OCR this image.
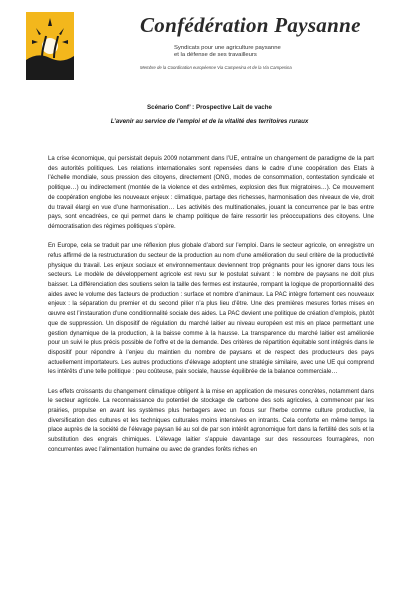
Confédération Paysanne
Syndicats pour une agriculture paysanne
et la défense de ses travailleurs
Membre de la Coordination européenne Via Campesina et de la Via Campesina
Scénario Conf’ : Prospective Lait de vache
L’avenir au service de l’emploi et de la vitalité des territoires ruraux

La crise économique, qui persistait depuis 2009 notamment dans l’UE, entraîne un changement de paradigme de la part des autorités politiques. Les relations internationales sont repensées dans le cadre d’une coopération des Etats à l’échelle mondiale, sous pression des citoyens, directement (ONG, modes de consommation, contestation syndicale et politique…) ou indirectement (montée de la violence et des extrêmes, explosion des flux migratoires…). Ce mouvement de coopération englobe les nouveaux enjeux : climatique, partage des richesses, harmonisation des niveaux de vie, droit du travail élargi en vue d’une harmonisation… Les activités des multinationales, jouant la concurrence par le bas entre pays, sont encadrées, ce qui permet dans le champ politique de faire ressortir les préoccupations des citoyens. Une démocratisation des régimes politiques s’opère.

En Europe, cela se traduit par une réflexion plus globale d’abord sur l’emploi. Dans le secteur agricole, on enregistre un refus affirmé de la restructuration du secteur de la production au nom d’une amélioration du seul critère de la productivité physique du travail. Les enjeux sociaux et environnementaux deviennent trop prégnants pour les ignorer dans tous les secteurs. Le modèle de développement agricole est revu sur le postulat suivant : le nombre de paysans ne doit plus baisser. La différenciation des soutiens selon la taille des fermes est instaurée, rompant la logique de proportionnalité des aides avec le volume des facteurs de production : surface et nombre d’animaux. La PAC intègre fortement ces nouveaux enjeux : la séparation du premier et du second pilier n’a plus lieu d’être. Une des premières mesures fortes mises en œuvre est l’instauration d’une conditionnalité sociale des aides. La PAC devient une politique de création d’emplois, plutôt que de suppression. Un dispositif de régulation du marché laitier au niveau européen est mis en place permettant une gestion dynamique de la production, à la baisse comme à la hausse. La transparence du marché laitier est améliorée pour un suivi le plus précis possible de l’offre et de la demande. Des critères de répartition équitable sont intégrés dans le dispositif pour répondre à l’enjeu du maintien du nombre de paysans et de respect des producteurs des pays actuellement importateurs. Les autres productions d’élevage adoptent une stratégie similaire, avec une UE qui comprend les intérêts d’une telle politique : peu coûteuse, paix sociale, hausse équilibrée de la balance commerciale…

Les effets croissants du changement climatique obligent à la mise en application de mesures concrètes, notamment dans le secteur agricole. La reconnaissance du potentiel de stockage de carbone des sols agricoles, à commencer par les prairies, propulse en avant les systèmes plus herbagers avec un focus sur l’herbe comme culture productive, la diversification des cultures et les techniques culturales moins intensives en intrants. Cela conforte en même temps la place auprès de la société de l’élevage paysan lié au sol de par son intérêt agronomique fort dans la fertilité des sols et la substitution des engrais chimiques. L’élevage laitier s’appuie davantage sur des ressources fourragères, non concurrentes avec l’alimentation humaine ou avec de grandes forêts riches en
